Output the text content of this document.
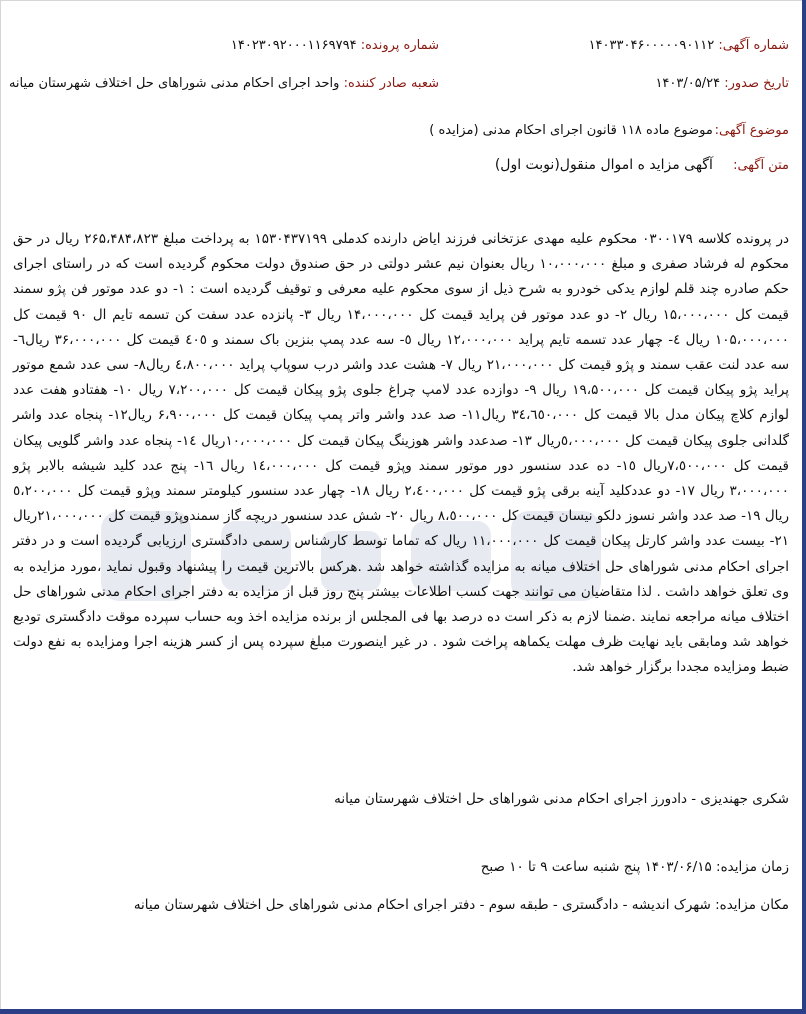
شماره آگهی: ۱۴۰۳۳۰۴۶۰۰۰۰۰۹۰۱۱۲
شماره پرونده: ۱۴۰۲۳۰۹۲۰۰۰۱۱۶۹۷۹۴
تاریخ صدور: ۱۴۰۳/۰۵/۲۴
شعبه صادر کننده: واحد اجرای احکام مدنی شوراهای حل اختلاف شهرستان میانه
موضوع آگهی: موضوع ماده ۱۱۸ قانون اجرای احکام مدنی (مزایده )
متن آگهی: آگهی مزاید ه اموال منقول(نوبت اول)
در پرونده کلاسه ۰۳۰۰۱۷۹ محکوم علیه مهدی عزتخانی فرزند ایاض دارنده کدملی ۱۵۳۰۴۳۷۱۹۹ به پرداخت مبلغ ۲۶۵،۴۸۴،۸۲۳ ریال در حق محکوم له فرشاد صفری و مبلغ ۱۰،۰۰۰،۰۰۰ ریال بعنوان نیم عشر دولتی در حق صندوق دولت محکوم گردیده است که در راستای اجرای حکم صادره چند قلم لوازم یدکی خودرو به شرح ذیل از سوی محکوم علیه معرفی و توقیف گردیده است : ۱- دو عدد موتور فن پژو سمند قیمت کل ۱۵،۰۰۰،۰۰۰ ریال ۲- دو عدد موتور فن پراید قیمت کل ۱۴،۰۰۰،۰۰۰ ریال ۳- پانزده عدد سفت کن تسمه تایم ال ۹۰ قیمت کل ۱۰۵،۰۰۰،۰۰۰ ریال ٤- چهار عدد تسمه تایم پراید ۱۲،۰۰۰،۰۰۰ ریال ٥- سه عدد پمپ بنزین باک سمند و ٤۰٥ قیمت کل ۳۶،۰۰۰،۰۰۰ ریال٦- سه عدد لنت عقب سمند و پژو قیمت کل ۲۱،۰۰۰،۰۰۰ ریال ۷- هشت عدد واشر درب سوپاپ پراید ٤،۸۰۰،۰۰۰ ریال۸- سی عدد شمع موتور پراید پژو پیکان قیمت کل ۱۹،۵۰۰،۰۰۰ ریال ۹- دوازده عدد لامپ چراغ جلوی پژو پیکان قیمت کل ۷،۲۰۰،۰۰۰ ریال ۱۰- هفتادو هفت عدد لوازم کلاچ پیکان مدل بالا قیمت کل ۳٤،٦٥۰،۰۰۰ ریال۱۱- صد عدد واشر واتر پمپ پیکان قیمت کل ۶،۹۰۰،۰۰۰ ریال۱۲- پنجاه عدد واشر گلدانی جلوی پیکان قیمت کل ٥،۰۰۰،۰۰۰ریال ۱۳- صدعدد واشر هوزینگ پیکان قیمت کل ۱۰،۰۰۰،۰۰۰ریال ۱٤- پنجاه عدد واشر گلویی پیکان قیمت کل ۷،٥۰۰،۰۰۰ریال ۱٥- ده عدد سنسور دور موتور سمند وپژو قیمت کل ۱٤،۰۰۰،۰۰۰ ریال ۱٦- پنج عدد کلید شیشه بالابر پژو ۳،۰۰۰،۰۰۰ ریال ۱۷- دو عددکلید آینه برقی پژو قیمت کل ۲،٤۰۰،۰۰۰ ریال ۱۸- چهار عدد سنسور کیلومتر سمند وپژو قیمت کل ٥،۲۰۰،۰۰۰ ریال ۱۹- صد عدد واشر نسوز دلکو نیسان قیمت کل ۸،٥۰۰،۰۰۰ ریال ۲۰- شش عدد سنسور دریچه گاز سمندوپژو قیمت کل ۲۱،۰۰۰،۰۰۰ریال ۲۱- بیست عدد واشر کارتل پیکان قیمت کل ۱۱،۰۰۰،۰۰۰ ریال که تماما توسط کارشناس رسمی دادگستری ارزیابی گردیده است و در دفتر اجرای احکام مدنی شوراهای حل اختلاف میانه به مزایده گذاشته خواهد شد .هرکس بالاترین قیمت را پیشنهاد وقبول نماید ،مورد مزایده به وی تعلق خواهد داشت . لذا متقاضیان می توانند جهت کسب اطلاعات بیشتر پنج روز قبل از مزایده به دفتر اجرای احکام مدنی شوراهای حل اختلاف میانه مراجعه نمایند .ضمنا لازم به ذکر است ده درصد بها فی المجلس از برنده مزایده اخذ وبه حساب سپرده موقت دادگستری تودیع خواهد شد ومابقی باید نهایت ظرف مهلت یکماهه پراخت شود . در غیر اینصورت مبلغ سپرده پس از کسر هزینه اجرا ومزایده به نفع دولت ضبط ومزایده مجددا برگزار خواهد شد.
شکری جهندیزی - دادورز اجرای احکام مدنی شوراهای حل اختلاف شهرستان میانه
زمان مزایده: ۱۴۰۳/۰۶/۱۵ پنج شنبه ساعت ۹ تا ۱۰ صبح
مکان مزایده: شهرک اندیشه - دادگستری - طبقه سوم - دفتر اجرای احکام مدنی شوراهای حل اختلاف شهرستان میانه
